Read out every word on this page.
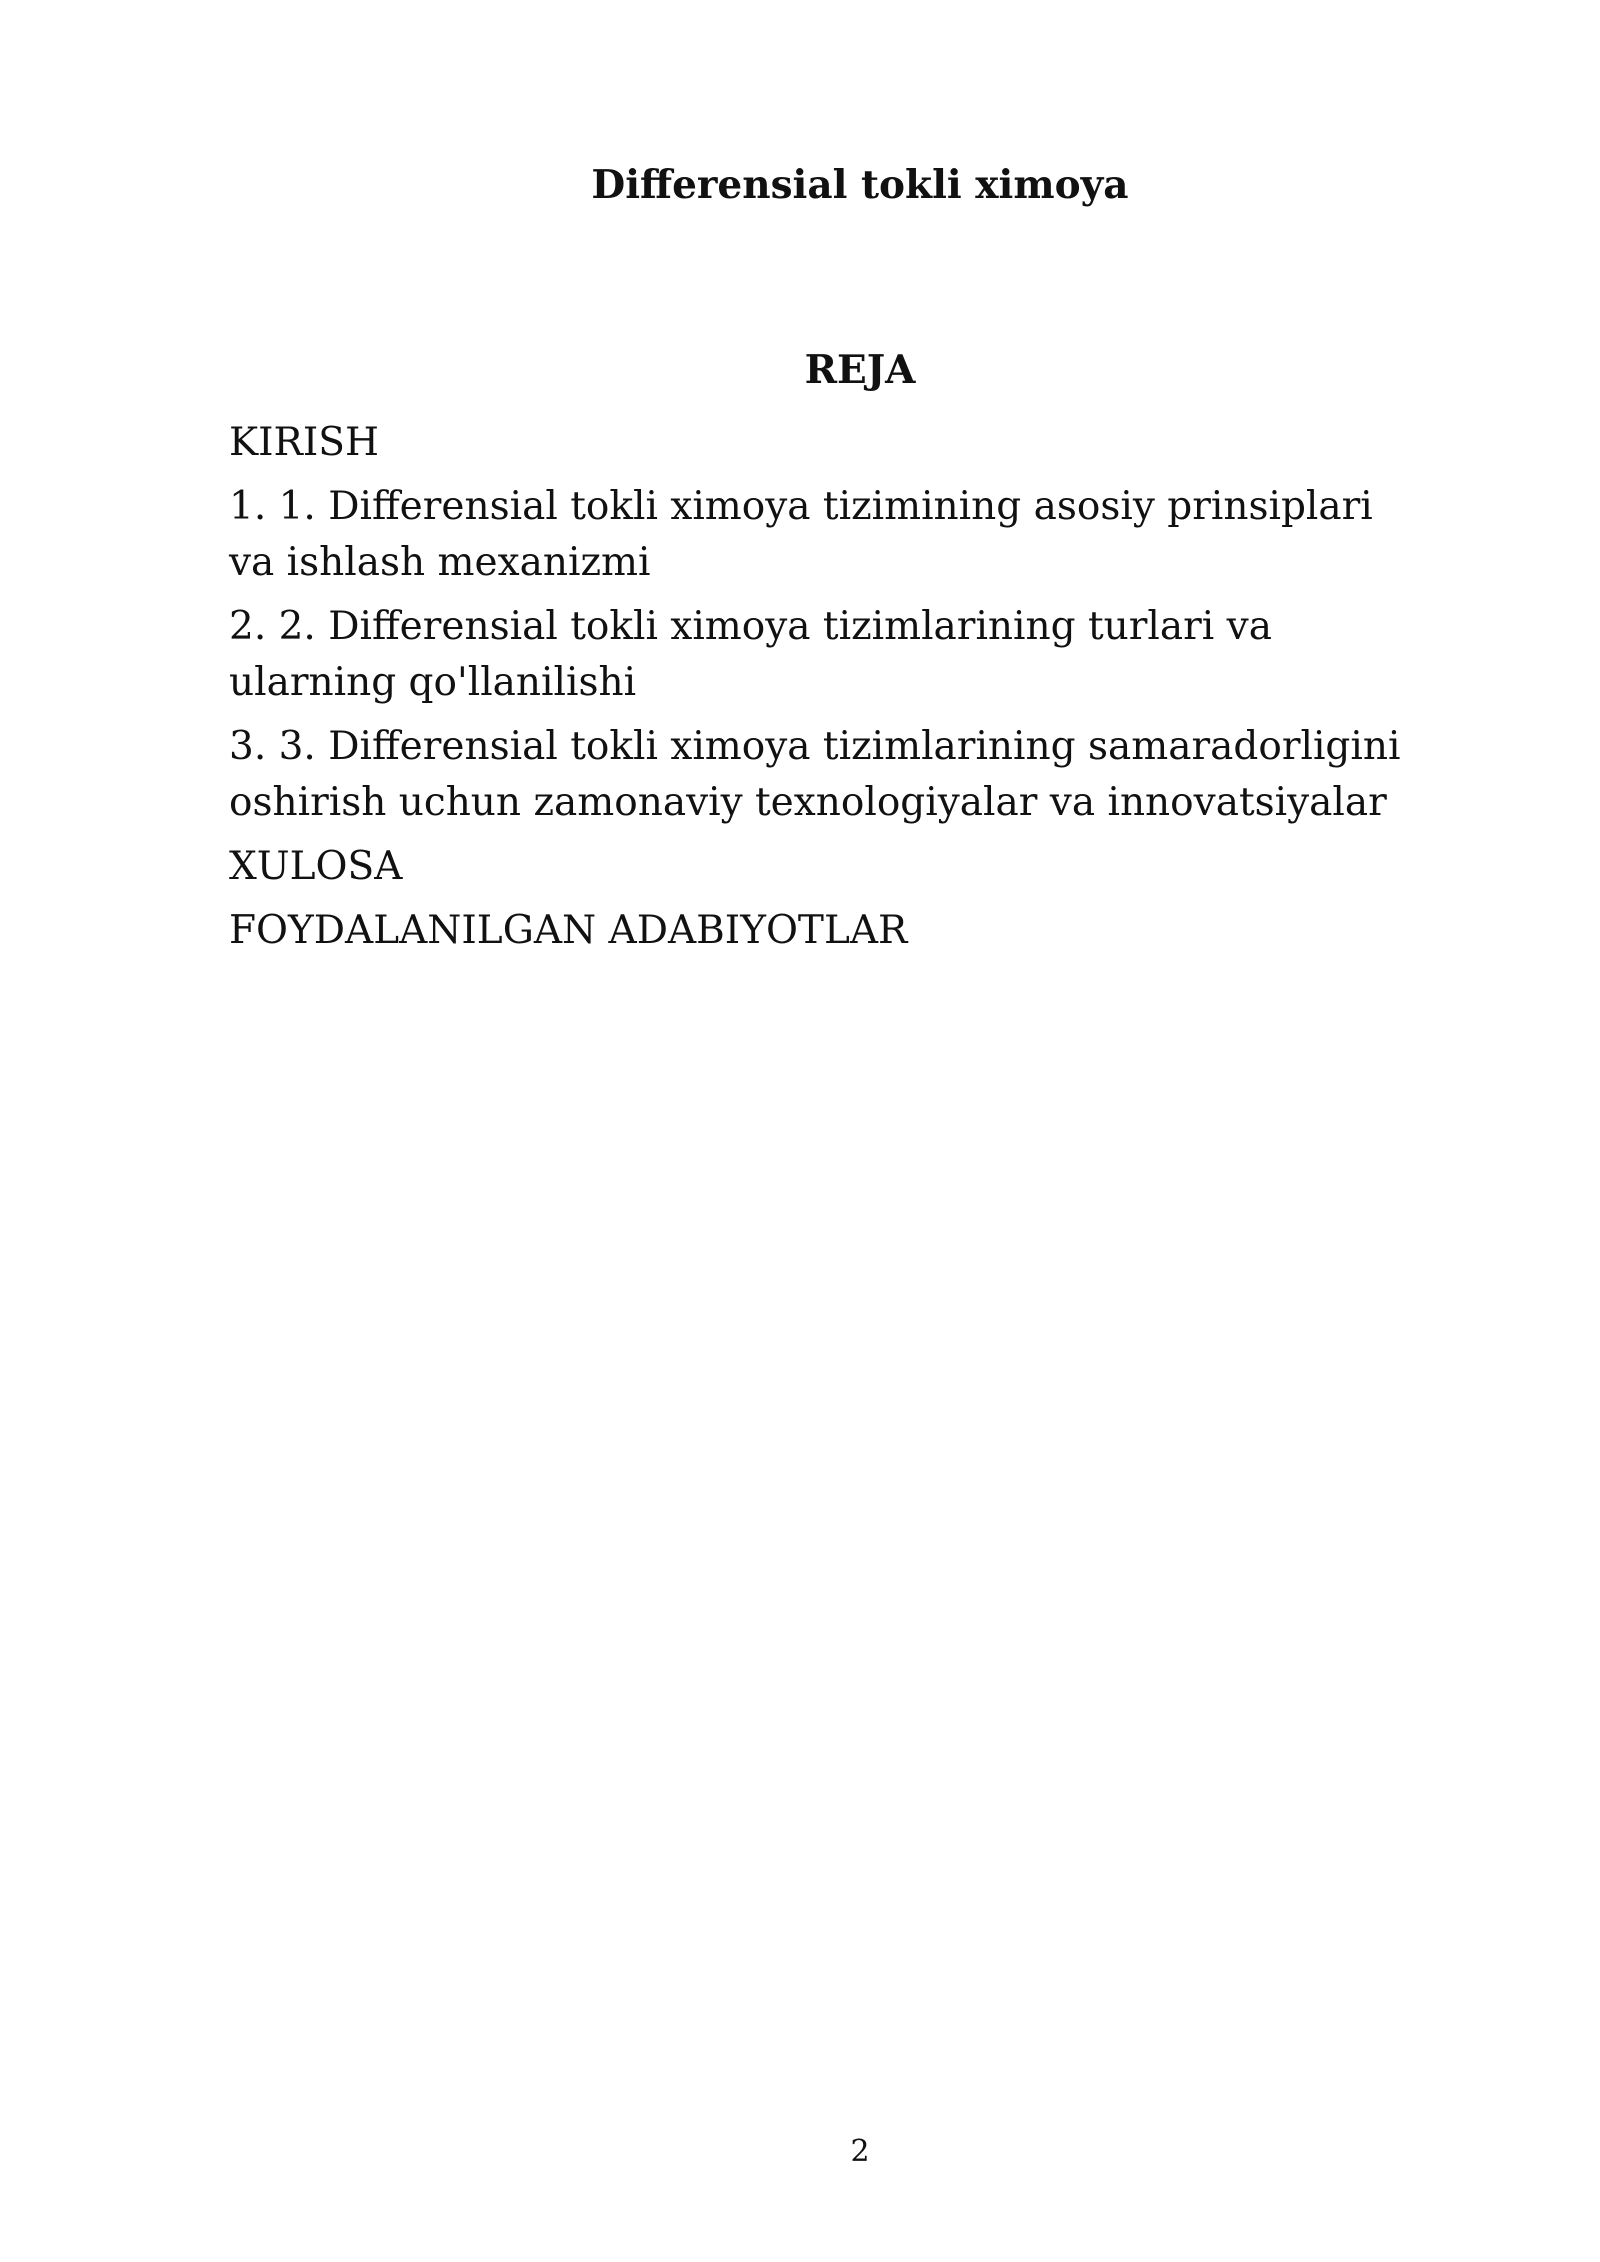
Differensial tokli ximoya
REJA
KIRISH
1. 1. Differensial tokli ximoya tizimining asosiy prinsiplari va ishlash mexanizmi
2. 2. Differensial tokli ximoya tizimlarining turlari va ularning qo'llanilishi
3. 3. Differensial tokli ximoya tizimlarining samaradorligini oshirish uchun zamonaviy texnologiyalar va innovatsiyalar
XULOSA
FOYDALANILGAN ADABIYOTLAR
2
